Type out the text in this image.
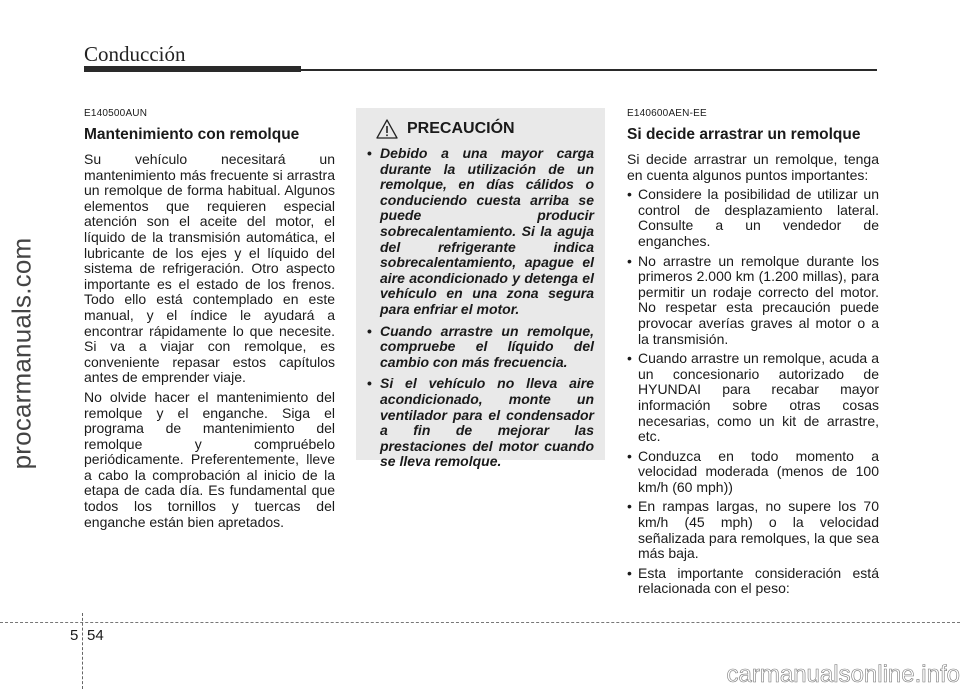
Conducción
procarmanuals.com
E140500AUN
Mantenimiento con remolque

Su vehículo necesitará un mantenimiento más frecuente si arrastra un remolque de forma habitual. Algunos elementos que requieren especial atención son el aceite del motor, el líquido de la transmisión automática, el lubricante de los ejes y el líquido del sistema de refrigeración. Otro aspecto importante es el estado de los frenos. Todo ello está contemplado en este manual, y el índice le ayudará a encontrar rápidamente lo que necesite. Si va a viajar con remolque, es conveniente repasar estos capítulos antes de emprender viaje.

No olvide hacer el mantenimiento del remolque y el enganche. Siga el programa de mantenimiento del remolque y compruébelo periódicamente. Preferentemente, lleve a cabo la comprobación al inicio de la etapa de cada día. Es fundamental que todos los tornillos y tuercas del enganche están bien apretados.

PRECAUCIÓN
• Debido a una mayor carga durante la utilización de un remolque, en días cálidos o conduciendo cuesta arriba se puede producir sobrecalentamiento. Si la aguja del refrigerante indica sobrecalentamiento, apague el aire acondicionado y detenga el vehículo en una zona segura para enfriar el motor.
• Cuando arrastre un remolque, compruebe el líquido del cambio con más frecuencia.
• Si el vehículo no lleva aire acondicionado, monte un ventilador para el condensador a fin de mejorar las prestaciones del motor cuando se lleva remolque.
E140600AEN-EE
Si decide arrastrar un remolque

Si decide arrastrar un remolque, tenga en cuenta algunos puntos importantes:

• Considere la posibilidad de utilizar un control de desplazamiento lateral. Consulte a un vendedor de enganches.
• No arrastre un remolque durante los primeros 2.000 km (1.200 millas), para permitir un rodaje correcto del motor. No respetar esta precaución puede provocar averías graves al motor o a la transmisión.
• Cuando arrastre un remolque, acuda a un concesionario autorizado de HYUNDAI para recabar mayor información sobre otras cosas necesarias, como un kit de arrastre, etc.
• Conduzca en todo momento a velocidad moderada (menos de 100 km/h (60 mph))
• En rampas largas, no supere los 70 km/h (45 mph) o la velocidad señalizada para remolques, la que sea más baja.
• Esta importante consideración está relacionada con el peso:
5 54
carmanualsonline.info
